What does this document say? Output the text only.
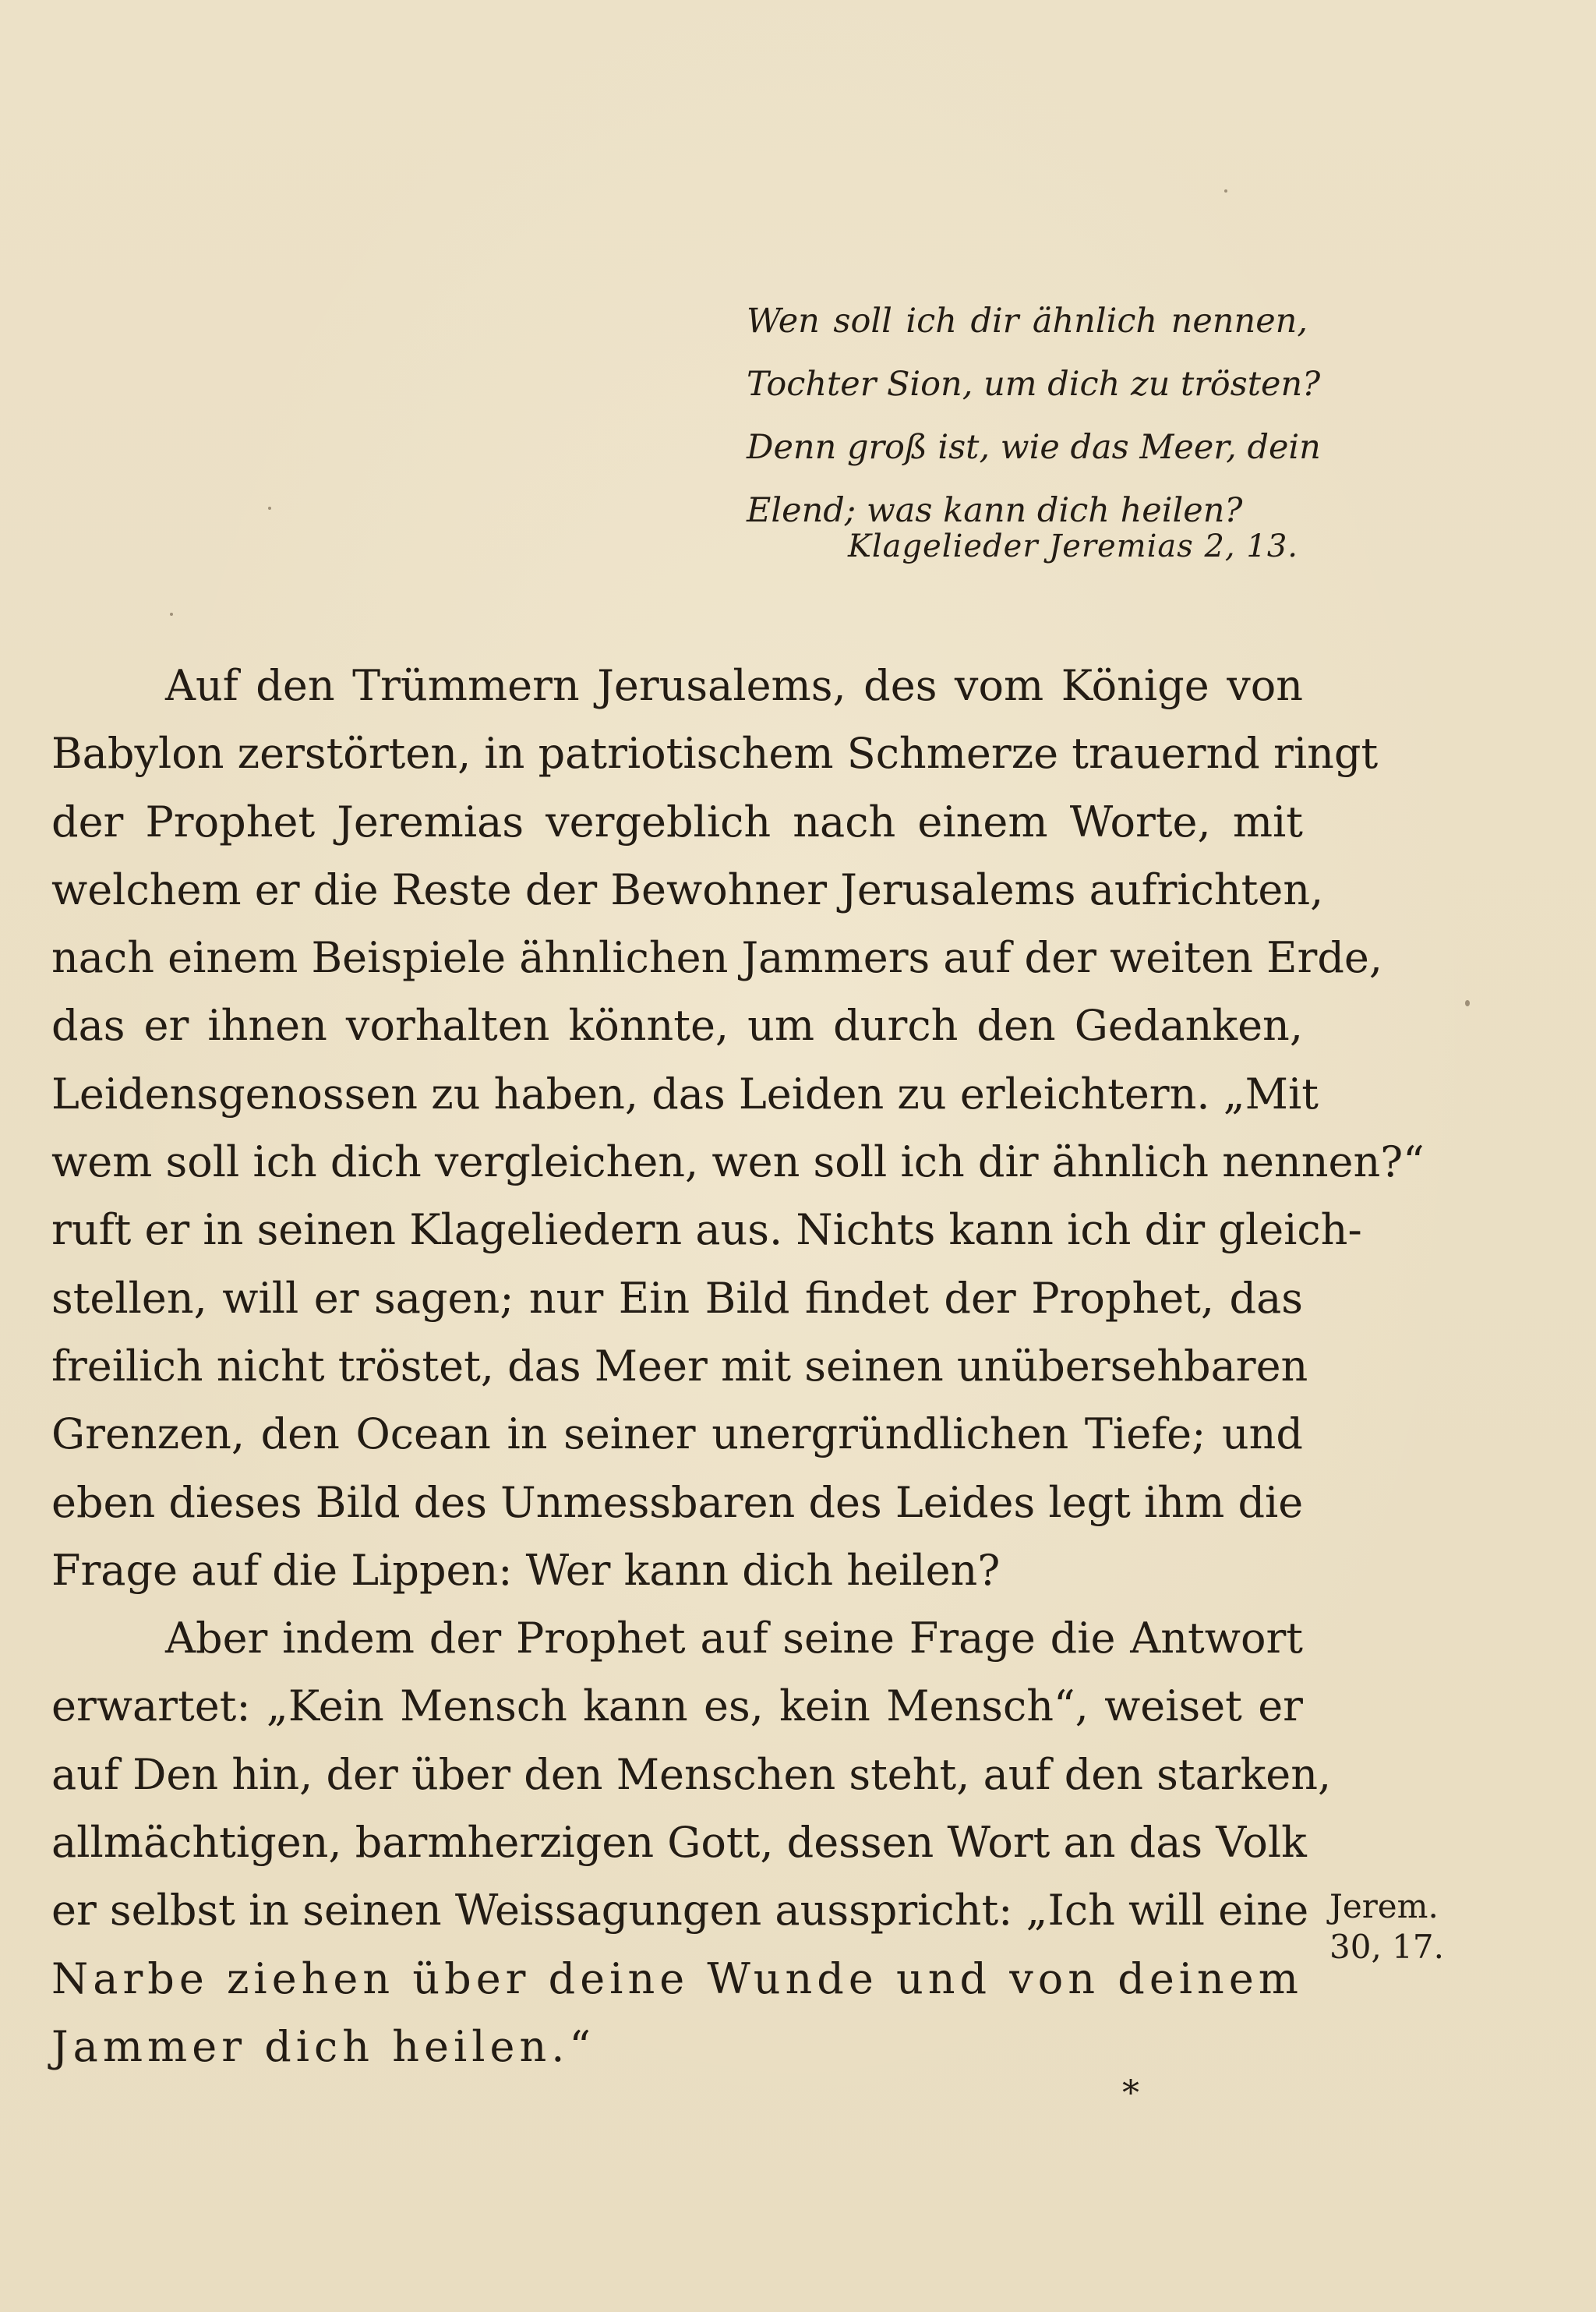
Wen soll ich dir ähnlich nennen,
Tochter Sion, um dich zu trösten?
Denn groß ist, wie das Meer, dein
Elend; was kann dich heilen?
Klagelieder Jeremias 2, 13.
Auf den Trümmern Jerusalems, des vom Könige von
Babylon zerstörten, in patriotischem Schmerze trauernd ringt
der Prophet Jeremias vergeblich nach einem Worte, mit
welchem er die Reste der Bewohner Jerusalems aufrichten,
nach einem Beispiele ähnlichen Jammers auf der weiten Erde,
das er ihnen vorhalten könnte, um durch den Gedanken,
Leidensgenossen zu haben, das Leiden zu erleichtern. „Mit
wem soll ich dich vergleichen, wen soll ich dir ähnlich nennen?“
ruft er in seinen Klageliedern aus. Nichts kann ich dir gleich-
stellen, will er sagen; nur Ein Bild findet der Prophet, das
freilich nicht tröstet, das Meer mit seinen unübersehbaren
Grenzen, den Ocean in seiner unergründlichen Tiefe; und
eben dieses Bild des Unmessbaren des Leides legt ihm die
Frage auf die Lippen: Wer kann dich heilen?
Aber indem der Prophet auf seine Frage die Antwort
erwartet: „Kein Mensch kann es, kein Mensch“, weiset er
auf Den hin, der über den Menschen steht, auf den starken,
allmächtigen, barmherzigen Gott, dessen Wort an das Volk
er selbst in seinen Weissagungen ausspricht: „Ich will eine
Narbe ziehen über deine Wunde und von deinem
Jammer dich heilen.“
Jerem.
30, 17.
*
